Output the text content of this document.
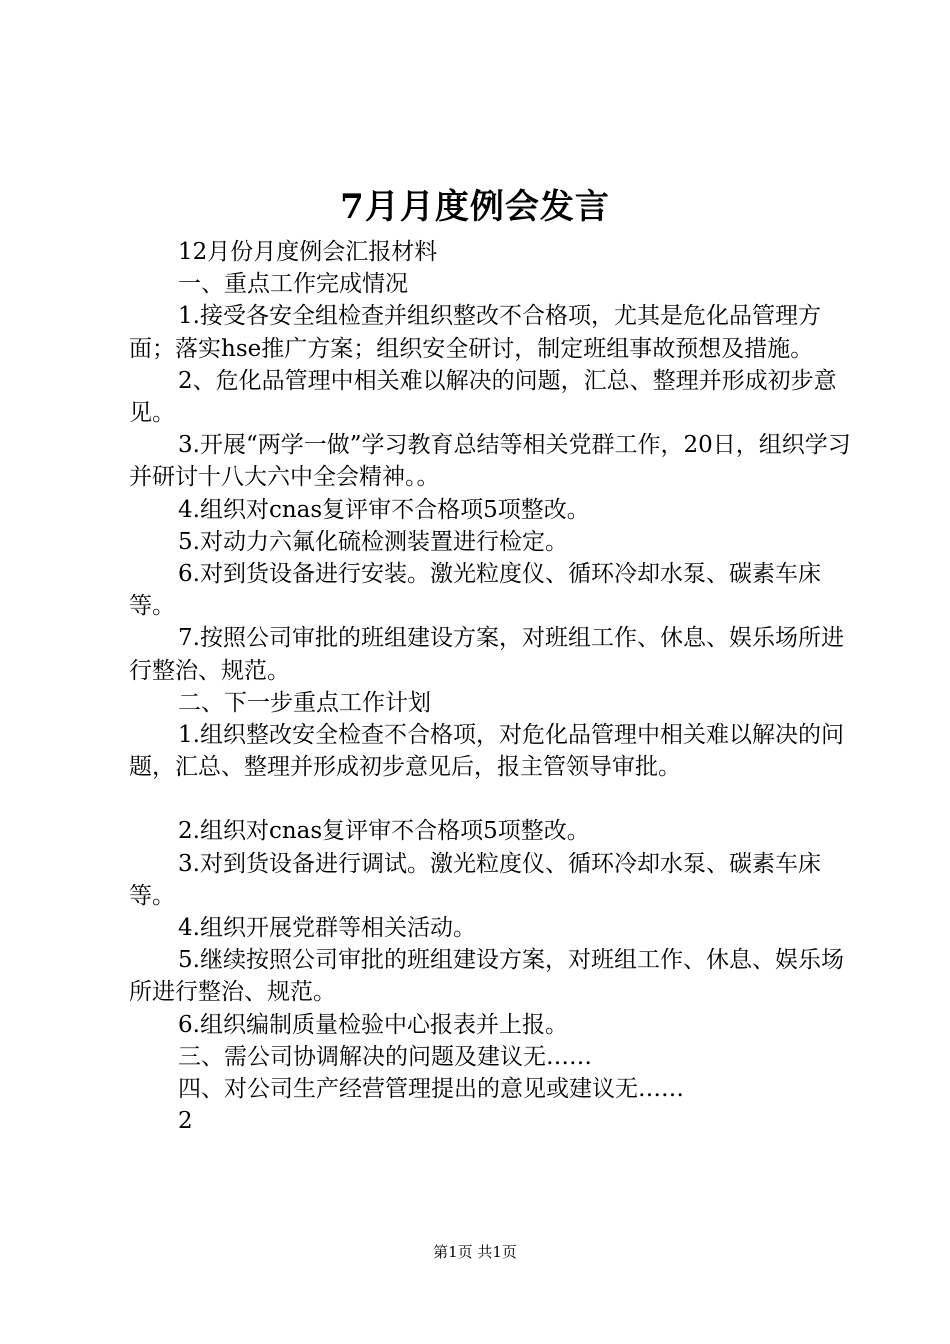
7月月度例会发言

12月份月度例会汇报材料

一、重点工作完成情况

1.接受各安全组检查并组织整改不合格项，尤其是危化品管理方面；落实hse推广方案；组织安全研讨，制定班组事故预想及措施。

2、危化品管理中相关难以解决的问题，汇总、整理并形成初步意见。

3.开展“两学一做”学习教育总结等相关党群工作，20日，组织学习并研讨十八大六中全会精神。。

4.组织对cnas复评审不合格项5项整改。

5.对动力六氟化硫检测装置进行检定。

6.对到货设备进行安装。激光粒度仪、循环冷却水泵、碳素车床等。

7.按照公司审批的班组建设方案，对班组工作、休息、娱乐场所进行整治、规范。

二、下一步重点工作计划

1.组织整改安全检查不合格项，对危化品管理中相关难以解决的问题，汇总、整理并形成初步意见后，报主管领导审批。

2.组织对cnas复评审不合格项5项整改。

3.对到货设备进行调试。激光粒度仪、循环冷却水泵、碳素车床等。

4.组织开展党群等相关活动。

5.继续按照公司审批的班组建设方案，对班组工作、休息、娱乐场所进行整治、规范。

6.组织编制质量检验中心报表并上报。

三、需公司协调解决的问题及建议无……

四、对公司生产经营管理提出的意见或建议无……

2

第1页 共1页
